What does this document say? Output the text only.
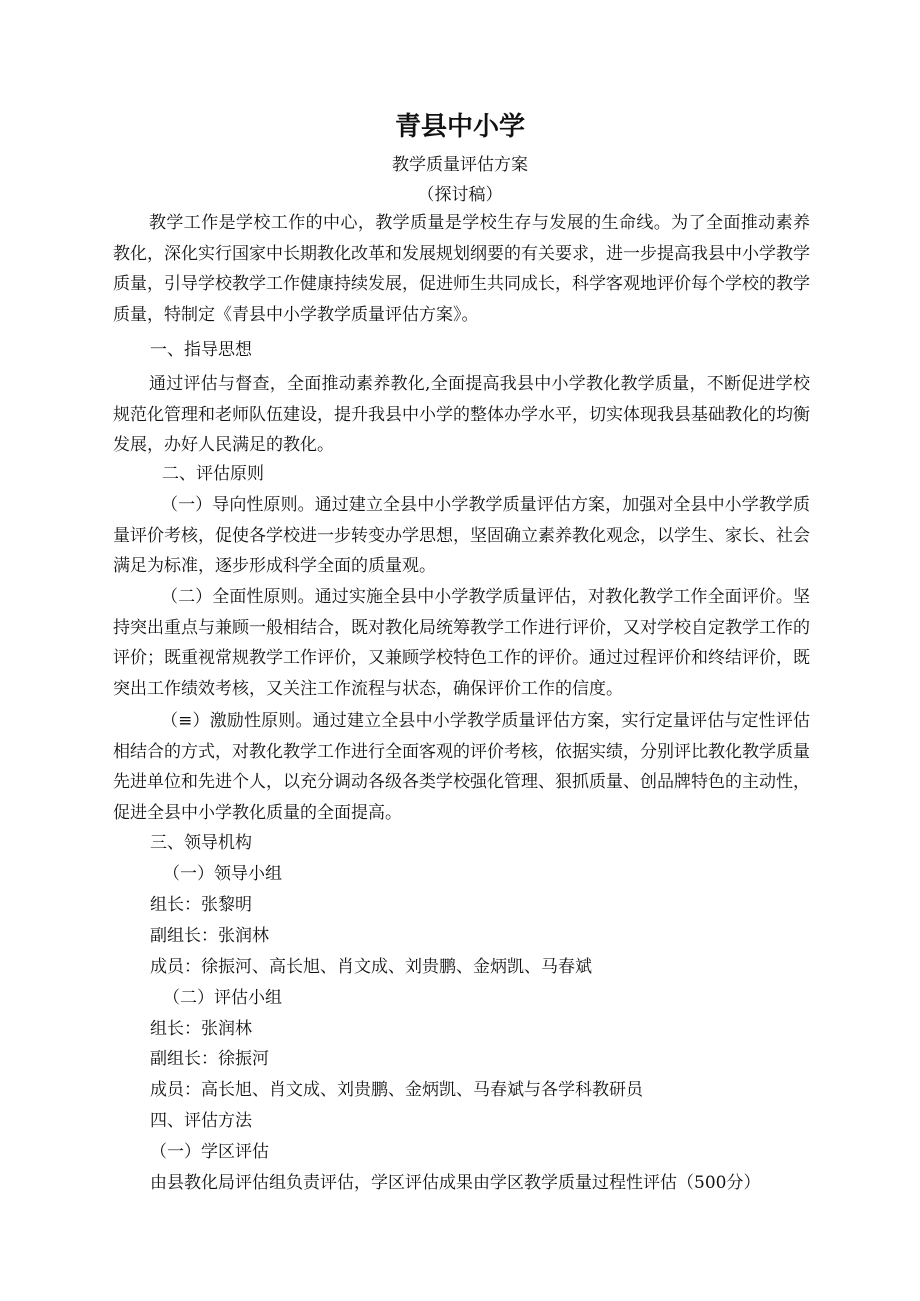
青县中小学
教学质量评估方案
（探讨稿）

教学工作是学校工作的中心，教学质量是学校生存与发展的生命线。为了全面推动素养教化，深化实行国家中长期教化改革和发展规划纲要的有关要求，进一步提高我县中小学教学质量，引导学校教学工作健康持续发展，促进师生共同成长，科学客观地评价每个学校的教学质量，特制定《青县中小学教学质量评估方案》。

一、指导思想

通过评估与督查，全面推动素养教化,全面提高我县中小学教化教学质量，不断促进学校规范化管理和老师队伍建设，提升我县中小学的整体办学水平，切实体现我县基础教化的均衡发展，办好人民满足的教化。

二、评估原则

（一）导向性原则。通过建立全县中小学教学质量评估方案，加强对全县中小学教学质量评价考核，促使各学校进一步转变办学思想，坚固确立素养教化观念，以学生、家长、社会满足为标准，逐步形成科学全面的质量观。

（二）全面性原则。通过实施全县中小学教学质量评估，对教化教学工作全面评价。坚持突出重点与兼顾一般相结合，既对教化局统筹教学工作进行评价，又对学校自定教学工作的评价；既重视常规教学工作评价，又兼顾学校特色工作的评价。通过过程评价和终结评价，既突出工作绩效考核，又关注工作流程与状态，确保评价工作的信度。

（≡）激励性原则。通过建立全县中小学教学质量评估方案，实行定量评估与定性评估相结合的方式，对教化教学工作进行全面客观的评价考核，依据实绩，分别评比教化教学质量先进单位和先进个人，以充分调动各级各类学校强化管理、狠抓质量、创品牌特色的主动性，促进全县中小学教化质量的全面提高。

三、领导机构

（一）领导小组

组长：张黎明

副组长：张润林

成员：徐振河、高长旭、肖文成、刘贵鹏、金炳凯、马春斌

（二）评估小组

组长：张润林

副组长：徐振河

成员：高长旭、肖文成、刘贵鹏、金炳凯、马春斌与各学科教研员

四、评估方法

（一）学区评估

由县教化局评估组负责评估，学区评估成果由学区教学质量过程性评估（500分）
